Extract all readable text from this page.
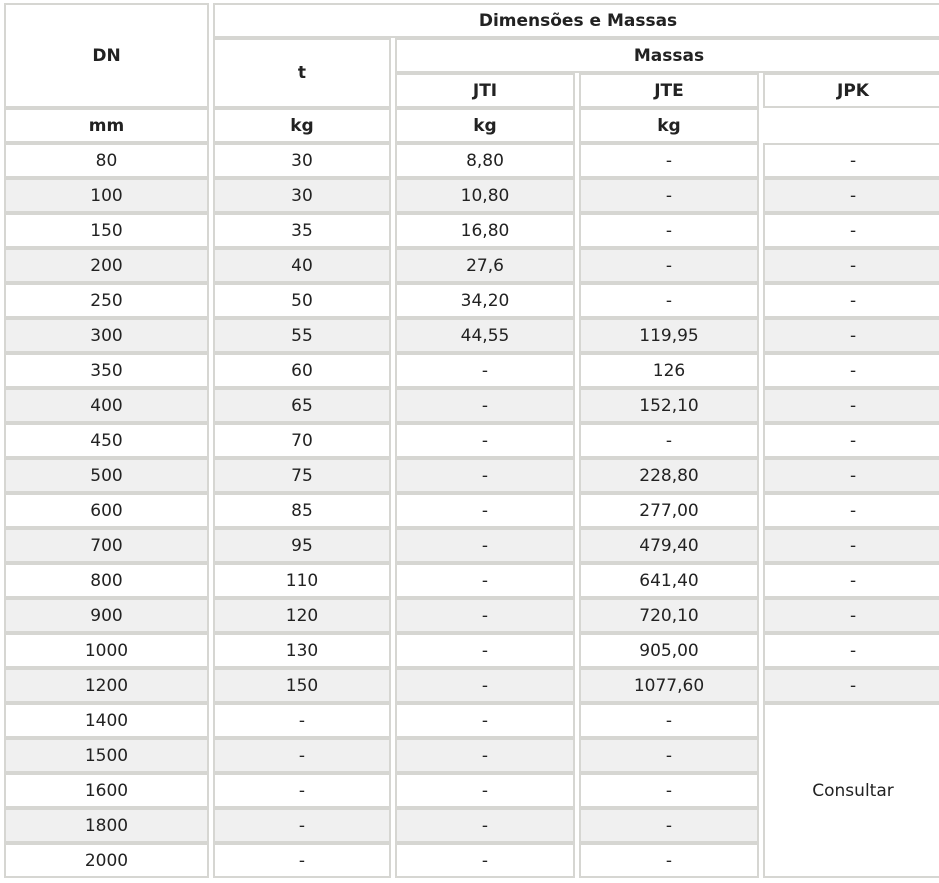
DN	Dimensões e Massas			
	t	Massas		
		JTI	JTE	JPK
mm	kg	kg	kg	
80	30	8,80	-	-
100	30	10,80	-	-
150	35	16,80	-	-
200	40	27,6	-	-
250	50	34,20	-	-
300	55	44,55	119,95	-
350	60	-	126	-
400	65	-	152,10	-
450	70	-	-	-
500	75	-	228,80	-
600	85	-	277,00	-
700	95	-	479,40	-
800	110	-	641,40	-
900	120	-	720,10	-
1000	130	-	905,00	-
1200	150	-	1077,60	-
1400	-	-	-	Consultar
1500	-	-	-	
1600	-	-	-	
1800	-	-	-	
2000	-	-	-	
